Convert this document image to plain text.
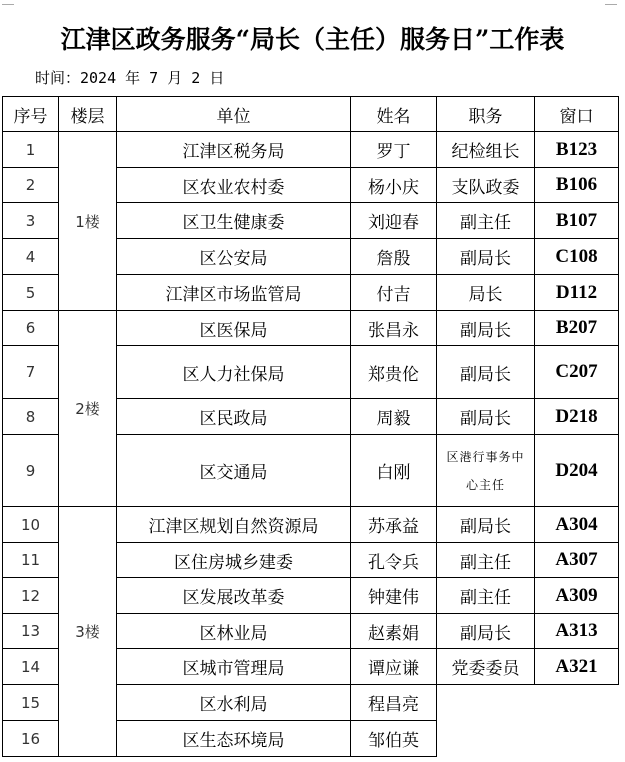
江津区政务服务“局长（主任）服务日”工作表
时间：2024 年 7 月 2 日
序号	楼层	单位	姓名	职务	窗口
1	1楼	江津区税务局	罗丁	纪检组长	B123
2		区农业农村委	杨小庆	支队政委	B106
3		区卫生健康委	刘迎春	副主任	B107
4		区公安局	詹殷	副局长	C108
5		江津区市场监管局	付吉	局长	D112
6	2楼	区医保局	张昌永	副局长	B207
7		区人力社保局	郑贵伦	副局长	C207
8		区民政局	周毅	副局长	D218
9		区交通局	白刚	区港行事务中心主任	D204
10	3楼	江津区规划自然资源局	苏承益	副局长	A304
11		区住房城乡建委	孔令兵	副主任	A307
12		区发展改革委	钟建伟	副主任	A309
13		区林业局	赵素娟	副局长	A313
14		区城市管理局	谭应谦	党委委员	A321
15		区水利局	程昌亮		
16		区生态环境局	邹伯英		
